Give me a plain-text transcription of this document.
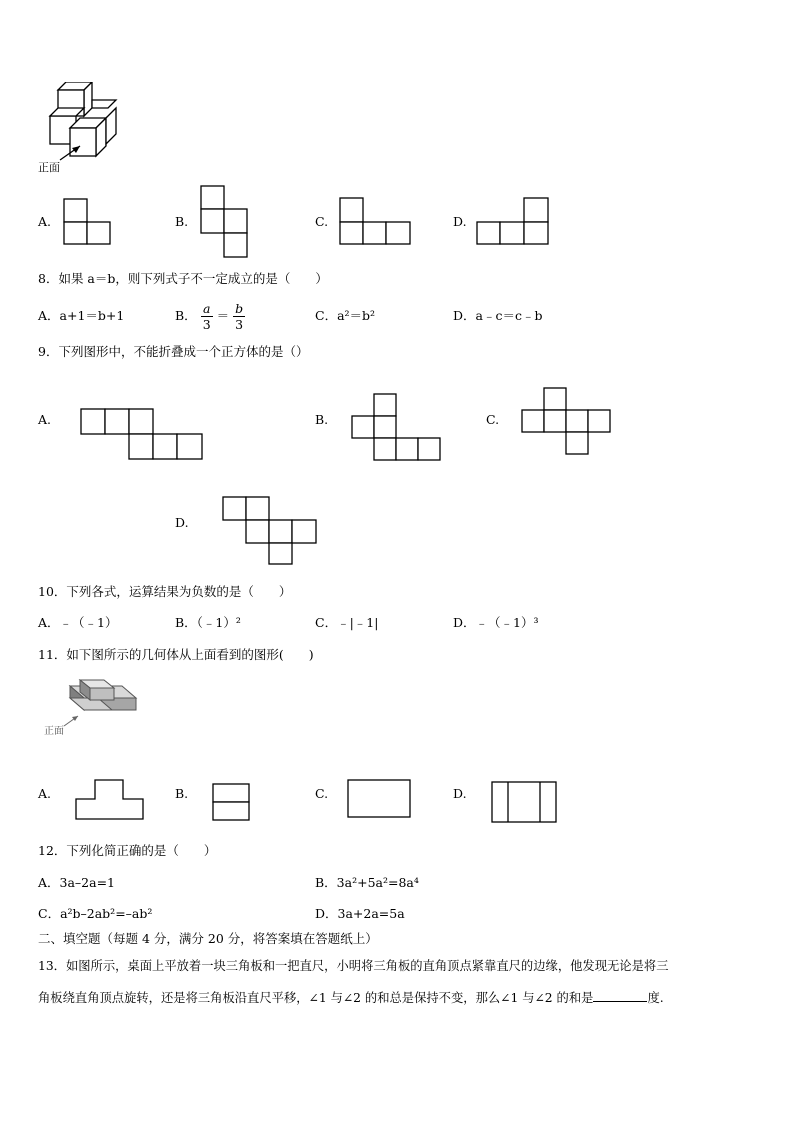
正面
A.	B.	C.	D.
8．如果 a＝b，则下列式子不一定成立的是（　　）
A．a+1＝b+1	B． $\frac{a}{3} = \frac{b}{3}$	C．a²＝b²	D．a﹣c＝c﹣b
9．下列图形中，不能折叠成一个正方体的是（）
A.	B.	C.
D.
10．下列各式，运算结果为负数的是（　　）
A．﹣（﹣1）	B．（﹣1）²	C．﹣|﹣1|	D．﹣（﹣1）³
11．如下图所示的几何体从上面看到的图形(　　)
正面
A.	B.	C.	D.
12．下列化简正确的是（　　）
A．3a–2a=1	B．3a²+5a²=8a⁴
C．a²b–2ab²=–ab²	D．3a+2a=5a
二、填空题（每题 4 分，满分 20 分，将答案填在答题纸上）
13．如图所示，桌面上平放着一块三角板和一把直尺，小明将三角板的直角顶点紧靠直尺的边缘，他发现无论是将三
角板绕直角顶点旋转，还是将三角板沿直尺平移，∠1 与∠2 的和总是保持不变，那么∠1 与∠2 的和是	度.
